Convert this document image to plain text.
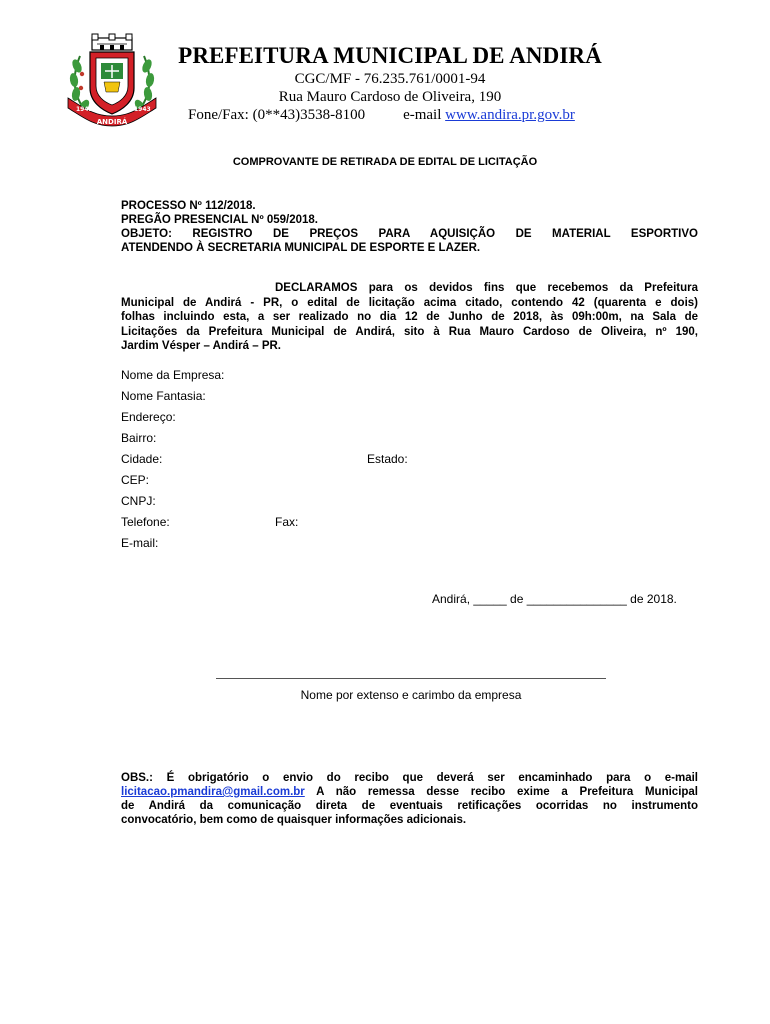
1943
ANDIRÁ
1943
PREFEITURA MUNICIPAL DE ANDIRÁ
CGC/MF - 76.235.761/0001-94
Rua Mauro Cardoso de Oliveira, 190
Fone/Fax: (0**43)3538-8100	e-mail www.andira.pr.gov.br
COMPROVANTE DE RETIRADA DE EDITAL DE LICITAÇÃO
PROCESSO Nº 112/2018.
PREGÃO PRESENCIAL Nº 059/2018.
OBJETO: REGISTRO DE PREÇOS PARA AQUISIÇÃO DE MATERIAL ESPORTIVO
ATENDENDO À SECRETARIA MUNICIPAL DE ESPORTE E LAZER.
DECLARAMOS para os devidos fins que recebemos da Prefeitura
Municipal de Andirá - PR, o edital de licitação acima citado, contendo 42 (quarenta e dois)
folhas incluindo esta, a ser realizado no dia 12 de Junho de 2018, às 09h:00m, na Sala de
Licitações da Prefeitura Municipal de Andirá, sito à Rua Mauro Cardoso de Oliveira, nº 190,
Jardim Vésper – Andirá – PR.
Nome da Empresa:
Nome Fantasia:
Endereço:
Bairro:
Cidade:	Estado:
CEP:
CNPJ:
Telefone:	Fax:
E-mail:
Andirá, _____ de _______________ de 2018.
Nome por extenso e carimbo da empresa
OBS.: É obrigatório o envio do recibo que deverá ser encaminhado para o e-mail
licitacao.pmandira@gmail.com.br A não remessa desse recibo exime a Prefeitura Municipal
de Andirá da comunicação direta de eventuais retificações ocorridas no instrumento
convocatório, bem como de quaisquer informações adicionais.
